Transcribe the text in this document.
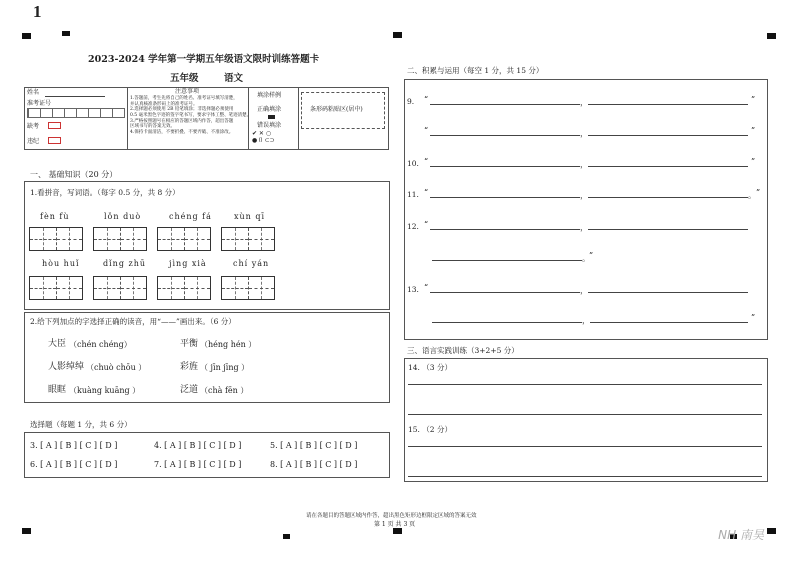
1
2023-2024 学年第一学期五年级语文限时训练答题卡
五年级	语文
姓名
准考证号
缺考
违纪
注意事项
1.答题前，考生先将自己的姓名、准考证号填写清楚，
并认真核准条形码上的准考证号。
2.选择题必须使用 2B 铅笔填涂；非选择题必须使用
0.5 毫米黑色字迹的签字笔书写，要求字体工整、笔迹清楚。
3.严格按照题号在相应的答题区域内作答，超出答题
区域书写的答案无效。
4.保持卡面清洁，不要折叠、不要弄破、不准涂改。
填涂样例
正确填涂
错误填涂
✔ ✕ ○
● ⌷ ⊂⊃
条形码粘贴区(居中)
一、 基础知识（20 分）
1.看拼音，写词语。（每字 0.5 分，共 8 分）
fèn fù	lǒn duò	chéng fá	xùn qī
hòu huǐ	dǐng zhū	jìng xià	chí yán
2.给下列加点的字选择正确的读音，用“——”画出来。（6 分）
大臣 （chén chéng）	平衡 （héng hén ）
人影绰绰 （chuò chōu ）	彩旌 （ jīn jīng ）
眼眶 （kuàng kuāng ）	泛道 （chà fēn ）
选择题（每题 1 分，共 6 分）
3. [ A ] [ B ] [ C ] [ D ]	4. [ A ] [ B ] [ C ] [ D ]	5. [ A ] [ B ] [ C ] [ D ]
6. [ A ] [ B ] [ C ] [ D ]	7. [ A ] [ B ] [ C ] [ D ]	8. [ A ] [ B ] [ C ] [ D ]
二、积累与运用（每空 1 分，共 15 分）
9. “	，	”
“	，	”
10. “	，	”
11. “	，	。 ”
12. “	，
。 ”
13. “	，
，	”
三、语言实践训练（3+2+5 分）
14. （3 分）
15. （2 分）
请在各题目的答题区域内作答，超出黑色矩形边框限定区域的答案无效
第 1 页 共 3 页
NH 南昊
